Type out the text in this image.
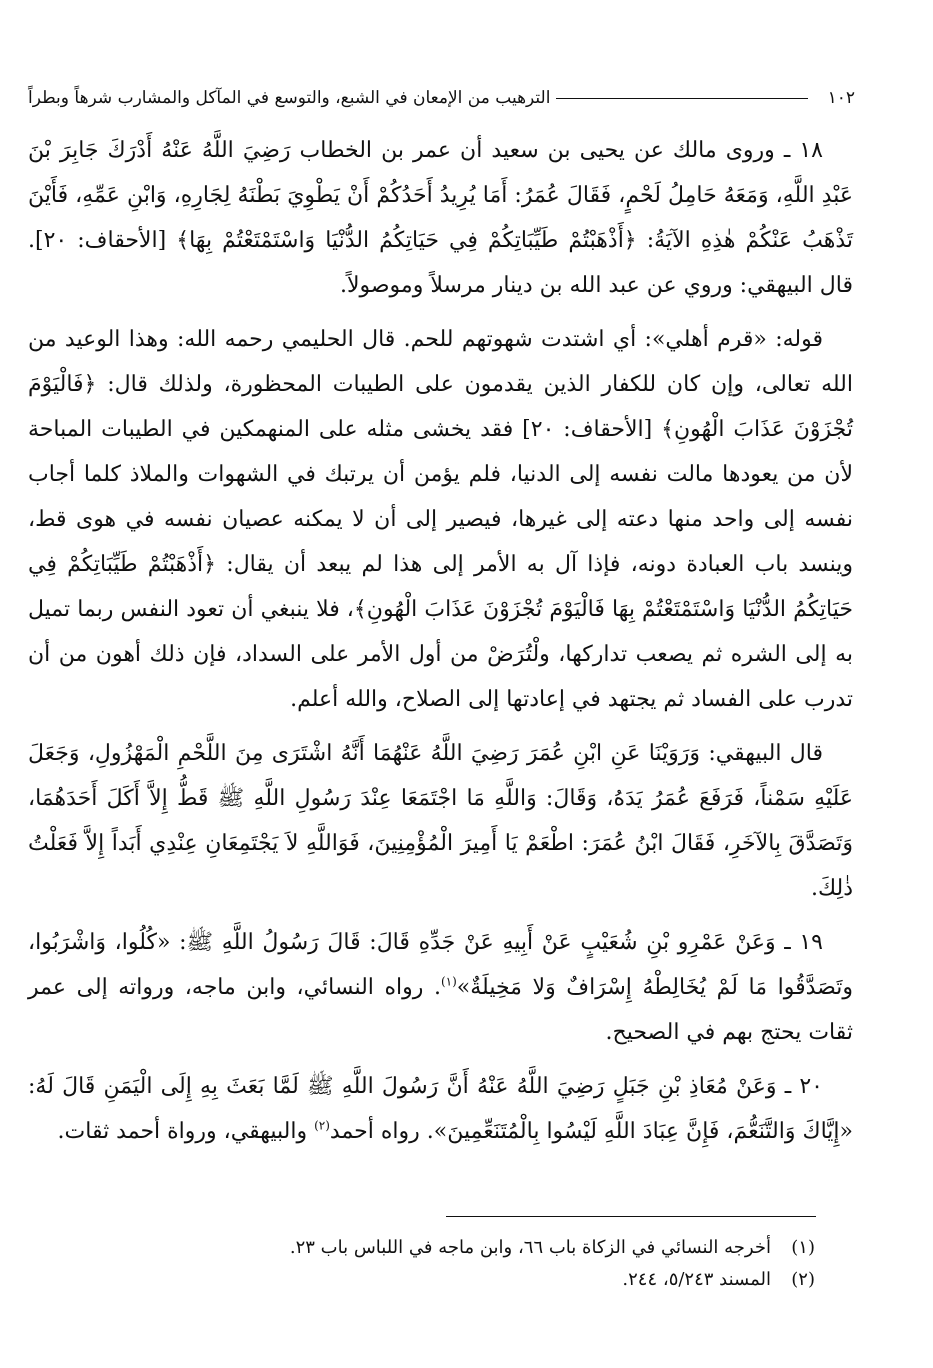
١٠٢
الترهيب من الإمعان في الشبع، والتوسع في المآكل والمشارب شرهاً وبطراً

١٨ ـ وروى مالك عن يحيى بن سعيد أن عمر بن الخطاب رَضِيَ اللَّهُ عَنْهُ أَدْرَكَ جَابِرَ بْنَ عَبْدِ اللَّهِ، وَمَعَهُ حَامِلُ لَحْمٍ، فَقَالَ عُمَرُ: أَمَا يُرِيدُ أَحَدُكُمْ أَنْ يَطْوِيَ بَطْنَهُ لِجَارِهِ، وَابْنِ عَمِّهِ، فَأَيْنَ تَذْهَبُ عَنْكُمْ هٰذِهِ الآيَةُ: ﴿أَذْهَبْتُمْ طَيِّبَاتِكُمْ فِي حَيَاتِكُمُ الدُّنْيَا وَاسْتَمْتَعْتُمْ بِهَا﴾ [الأحقاف: ٢٠]. قال البيهقي: وروي عن عبد الله بن دينار مرسلاً وموصولاً.

قوله: «قرم أهلي»: أي اشتدت شهوتهم للحم. قال الحليمي رحمه الله: وهذا الوعيد من الله تعالى، وإن كان للكفار الذين يقدمون على الطيبات المحظورة، ولذلك قال: ﴿فَالْيَوْمَ تُجْزَوْنَ عَذَابَ الْهُونِ﴾ [الأحقاف: ٢٠] فقد يخشى مثله على المنهمكين في الطيبات المباحة لأن من يعودها مالت نفسه إلى الدنيا، فلم يؤمن أن يرتبك في الشهوات والملاذ كلما أجاب نفسه إلى واحد منها دعته إلى غيرها، فيصير إلى أن لا يمكنه عصيان نفسه في هوى قط، وينسد باب العبادة دونه، فإذا آل به الأمر إلى هذا لم يبعد أن يقال: ﴿أَذْهَبْتُمْ طَيِّبَاتِكُمْ فِي حَيَاتِكُمُ الدُّنْيَا وَاسْتَمْتَعْتُمْ بِهَا فَالْيَوْمَ تُجْزَوْنَ عَذَابَ الْهُونِ﴾، فلا ينبغي أن تعود النفس ربما تميل به إلى الشره ثم يصعب تداركها، ولْتُرَضْ من أول الأمر على السداد، فإن ذلك أهون من أن تدرب على الفساد ثم يجتهد في إعادتها إلى الصلاح، والله أعلم.

قال البيهقي: وَرَوَيْنَا عَنِ ابْنِ عُمَرَ رَضِيَ اللَّهُ عَنْهُمَا أَنَّهُ اشْتَرَى مِنَ اللَّحْمِ الْمَهْزُولِ، وَجَعَلَ عَلَيْهِ سَمْناً، فَرَفَعَ عُمَرُ يَدَهُ، وَقَالَ: وَاللَّهِ مَا اجْتَمَعَا عِنْدَ رَسُولِ اللَّهِ ﷺ قَطُّ إِلاَّ أَكَلَ أَحَدَهُمَا، وَتَصَدَّقَ بِالآخَرِ، فَقَالَ ابْنُ عُمَرَ: اطْعَمْ يَا أَمِيرَ الْمُؤْمِنِينَ، فَوَاللَّهِ لاَ يَجْتَمِعَانِ عِنْدِي أَبَداً إِلاَّ فَعَلْتُ ذٰلِكَ.

١٩ ـ وَعَنْ عَمْرِو بْنِ شُعَيْبٍ عَنْ أَبِيهِ عَنْ جَدِّهِ قَالَ: قَالَ رَسُولُ اللَّهِ ﷺ: «كُلُوا، وَاشْرَبُوا، وتَصَدَّقُوا مَا لَمْ يُخَالِطْهُ إِسْرَافٌ وَلا مَخِيلَةٌ»$^{(١)}$. رواه النسائي، وابن ماجه، ورواته إلى عمر ثقات يحتج بهم في الصحيح.

٢٠ ـ وَعَنْ مُعَاذِ بْنِ جَبَلٍ رَضِيَ اللَّهُ عَنْهُ أَنَّ رَسُولَ اللَّهِ ﷺ لَمَّا بَعَثَ بِهِ إِلَى الْيَمَنِ قَالَ لَهُ: «إِيَّاكَ وَالتَّنَعُّمَ، فَإِنَّ عِبَادَ اللَّهِ لَيْسُوا بِالْمُتَنَعِّمِينَ». رواه أحمد$^{(٢)}$ والبيهقي، ورواة أحمد ثقات.

(١)
أخرجه النسائي في الزكاة باب ٦٦، وابن ماجه في اللباس باب ٢٣.
(٢)
المسند ٥/٢٤٣، ٢٤٤.
